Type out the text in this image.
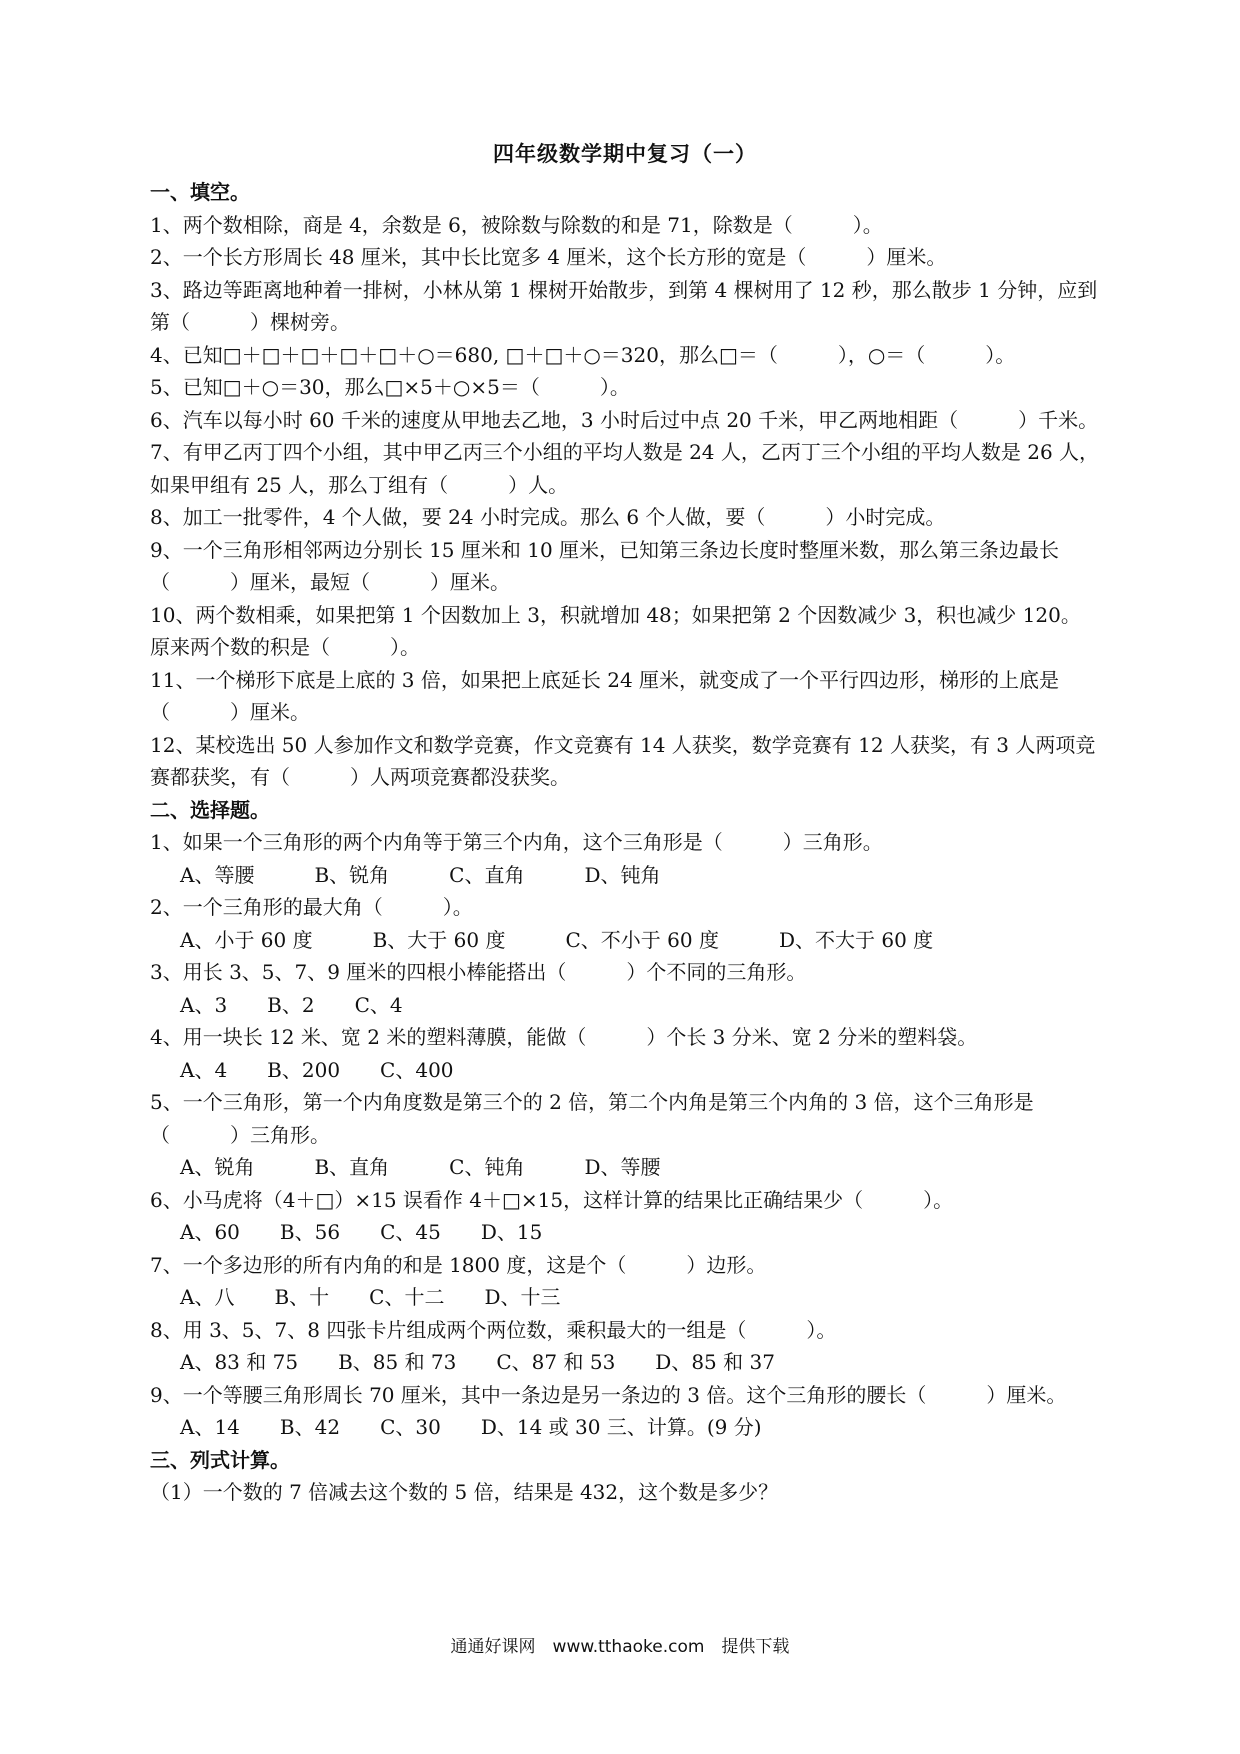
四年级数学期中复习（一）
一、填空。

1、两个数相除，商是 4，余数是 6，被除数与除数的和是 71，除数是（　　　）。

2、一个长方形周长 48 厘米，其中长比宽多 4 厘米，这个长方形的宽是（　　　）厘米。

3、路边等距离地种着一排树，小林从第 1 棵树开始散步，到第 4 棵树用了 12 秒，那么散步 1 分钟，应到第（　　　）棵树旁。

4、已知□＋□＋□＋□＋□＋○＝680, □＋□＋○＝320，那么□＝（　　　），○＝（　　　）。

5、已知□＋○＝30，那么□×5＋○×5＝（　　　）。

6、汽车以每小时 60 千米的速度从甲地去乙地，3 小时后过中点 20 千米，甲乙两地相距（　　　）千米。

7、有甲乙丙丁四个小组，其中甲乙丙三个小组的平均人数是 24 人，乙丙丁三个小组的平均人数是 26 人，如果甲组有 25 人，那么丁组有（　　　）人。

8、加工一批零件，4 个人做，要 24 小时完成。那么 6 个人做，要（　　　）小时完成。

9、一个三角形相邻两边分别长 15 厘米和 10 厘米，已知第三条边长度时整厘米数，那么第三条边最长（　　　）厘米，最短（　　　）厘米。

10、两个数相乘，如果把第 1 个因数加上 3，积就增加 48；如果把第 2 个因数减少 3，积也减少 120。原来两个数的积是（　　　）。

11、一个梯形下底是上底的 3 倍，如果把上底延长 24 厘米，就变成了一个平行四边形，梯形的上底是（　　　）厘米。

12、某校选出 50 人参加作文和数学竞赛，作文竞赛有 14 人获奖，数学竞赛有 12 人获奖，有 3 人两项竞赛都获奖，有（　　　）人两项竞赛都没获奖。

二、选择题。

1、如果一个三角形的两个内角等于第三个内角，这个三角形是（　　　）三角形。

A、等腰	B、锐角	C、直角	D、钝角

2、一个三角形的最大角（　　　）。

A、小于 60 度	B、大于 60 度	C、不小于 60 度	D、不大于 60 度

3、用长 3、5、7、9 厘米的四根小棒能搭出（　　　）个不同的三角形。

A、3 B、2 C、4

4、用一块长 12 米、宽 2 米的塑料薄膜，能做（　　　）个长 3 分米、宽 2 分米的塑料袋。

A、4 B、200 C、400

5、一个三角形，第一个内角度数是第三个的 2 倍，第二个内角是第三个内角的 3 倍，这个三角形是（　　　）三角形。

A、锐角	B、直角	C、钝角	D、等腰

6、小马虎将（4＋□）×15 误看作 4＋□×15，这样计算的结果比正确结果少（　　　）。

A、60 B、56 C、45 D、15

7、一个多边形的所有内角的和是 1800 度，这是个（　　　）边形。

A、八 B、十 C、十二 D、十三

8、用 3、5、7、8 四张卡片组成两个两位数，乘积最大的一组是（　　　）。

A、83 和 75 B、85 和 73 C、87 和 53 D、85 和 37

9、一个等腰三角形周长 70 厘米，其中一条边是另一条边的 3 倍。这个三角形的腰长（　　　）厘米。

A、14 B、42 C、30 D、14 或 30 三、计算。(9 分)
三、列式计算。

（1）一个数的 7 倍减去这个数的 5 倍，结果是 432，这个数是多少？

通通好课网　www.tthaoke.com　提供下载
